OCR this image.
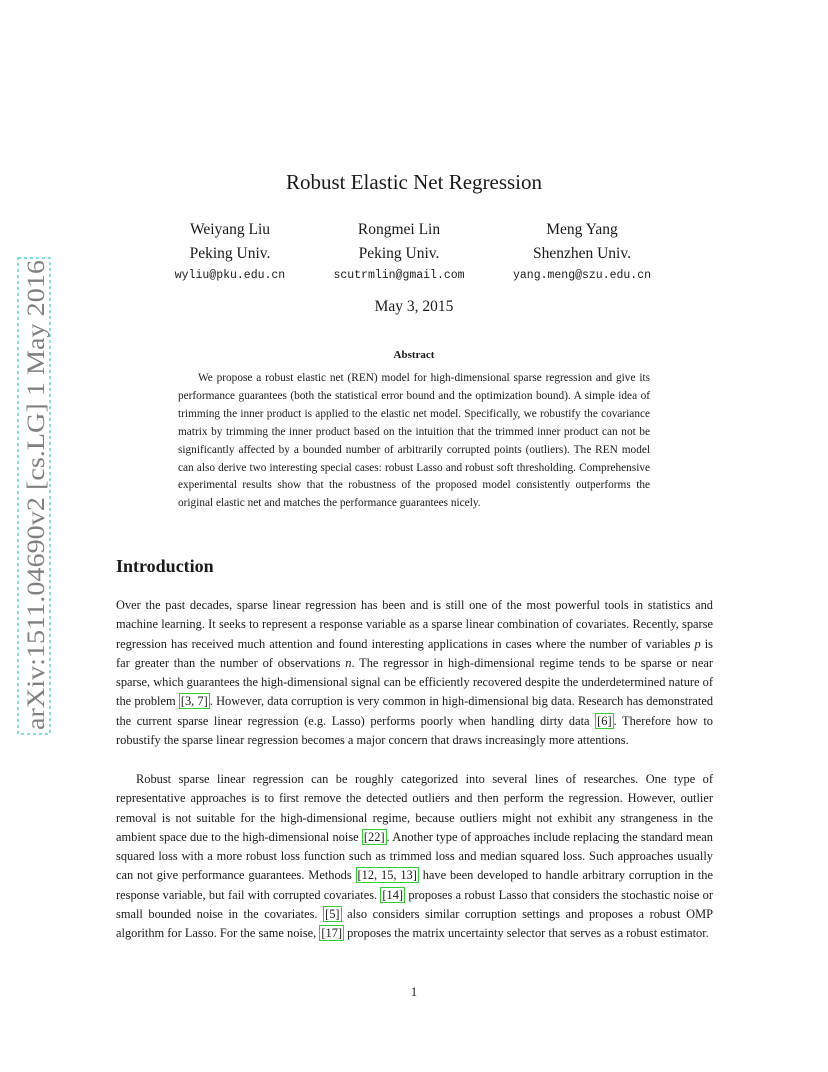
arXiv:1511.04690v2 [cs.LG] 1 May 2016
Robust Elastic Net Regression
Weiyang Liu
Peking Univ.
wyliu@pku.edu.cn
Rongmei Lin
Peking Univ.
scutrmlin@gmail.com
Meng Yang
Shenzhen Univ.
yang.meng@szu.edu.cn
May 3, 2015
Abstract

We propose a robust elastic net (REN) model for high-dimensional sparse regression and give its performance guarantees (both the statistical error bound and the optimization bound). A simple idea of trimming the inner product is applied to the elastic net model. Specifically, we robustify the covariance matrix by trimming the inner product based on the intuition that the trimmed inner product can not be significantly affected by a bounded number of arbitrarily corrupted points (outliers). The REN model can also derive two interesting special cases: robust Lasso and robust soft thresholding. Comprehensive experimental results show that the robustness of the proposed model consistently outperforms the original elastic net and matches the performance guarantees nicely.

Introduction

Over the past decades, sparse linear regression has been and is still one of the most powerful tools in statistics and machine learning. It seeks to represent a response variable as a sparse linear combination of covariates. Recently, sparse regression has received much attention and found interesting applications in cases where the number of variables p is far greater than the number of observations n. The regressor in high-dimensional regime tends to be sparse or near sparse, which guarantees the high-dimensional signal can be efficiently recovered despite the underdetermined nature of the problem [3, 7] . However, data corruption is very common in high-dimensional big data. Research has demonstrated the current sparse linear regression (e.g. Lasso) performs poorly when handling dirty data [6] . Therefore how to robustify the sparse linear regression becomes a major concern that draws increasingly more attentions.

Robust sparse linear regression can be roughly categorized into several lines of researches. One type of representative approaches is to first remove the detected outliers and then perform the regression. However, outlier removal is not suitable for the high-dimensional regime, because outliers might not exhibit any strangeness in the ambient space due to the high-dimensional noise [22] . Another type of approaches include replacing the standard mean squared loss with a more robust loss function such as trimmed loss and median squared loss. Such approaches usually can not give performance guarantees. Methods [12, 15, 13] have been developed to handle arbitrary corruption in the response variable, but fail with corrupted covariates. [14] proposes a robust Lasso that considers the stochastic noise or small bounded noise in the covariates. [5] also considers similar corruption settings and proposes a robust OMP algorithm for Lasso. For the same noise, [17] proposes the matrix uncertainty selector that serves as a robust estimator.

1
